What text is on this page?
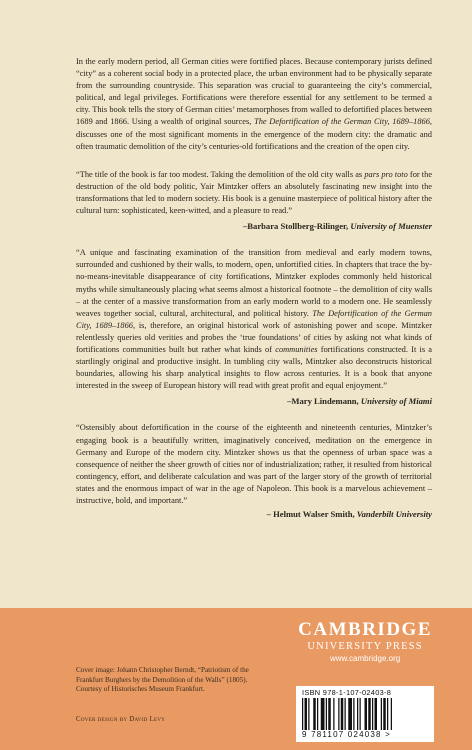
In the early modern period, all German cities were fortified places. Because contemporary jurists defined “city” as a coherent social body in a protected place, the urban environment had to be physically separate from the surrounding countryside. This separation was crucial to guaranteeing the city’s commercial, political, and legal privileges. Fortifications were therefore essential for any settlement to be termed a city. This book tells the story of German cities’ metamorphoses from walled to defortified places between 1689 and 1866. Using a wealth of original sources, The Defortification of the German City, 1689–1866, discusses one of the most significant moments in the emergence of the modern city: the dramatic and often traumatic demolition of the city’s centuries-old fortifications and the creation of the open city.

“The title of the book is far too modest. Taking the demolition of the old city walls as pars pro toto for the destruction of the old body politic, Yair Mintzker offers an absolutely fascinating new insight into the transformations that led to modern society. His book is a genuine masterpiece of political history after the cultural turn: sophisticated, keen-witted, and a pleasure to read.”

–Barbara Stollberg-Rilinger, University of Muenster

“A unique and fascinating examination of the transition from medieval and early modern towns, surrounded and cushioned by their walls, to modern, open, unfortified cities. In chapters that trace the by-no-means-inevitable disappearance of city fortifications, Mintzker explodes commonly held historical myths while simultaneously placing what seems almost a historical footnote – the demolition of city walls – at the center of a massive transformation from an early modern world to a modern one. He seamlessly weaves together social, cultural, architectural, and political history. The Defortification of the German City, 1689–1866, is, therefore, an original historical work of astonishing power and scope. Mintzker relentlessly queries old verities and probes the ‘true foundations’ of cities by asking not what kinds of fortifications communities built but rather what kinds of communities fortifications constructed. It is a startlingly original and productive insight. In tumbling city walls, Mintzker also deconstructs historical boundaries, allowing his sharp analytical insights to flow across centuries. It is a book that anyone interested in the sweep of European history will read with great profit and equal enjoyment.”

–Mary Lindemann, University of Miami

“Ostensibly about defortification in the course of the eighteenth and nineteenth centuries, Mintzker’s engaging book is a beautifully written, imaginatively conceived, meditation on the emergence in Germany and Europe of the modern city. Mintzker shows us that the openness of urban space was a consequence of neither the sheer growth of cities nor of industrialization; rather, it resulted from historical contingency, effort, and deliberate calculation and was part of the larger story of the growth of territorial states and the enormous impact of war in the age of Napoleon. This book is a marvelous achievement – instructive, bold, and important.”

– Helmut Walser Smith, Vanderbilt University
CAMBRIDGE
UNIVERSITY PRESS
www.cambridge.org
Cover image: Johann Christopher Berndt, “Patriotism of the Frankfurt Burghers by the Demolition of the Walls” (1805). Courtesy of Historisches Museum Frankfurt.
Cover design by David Levy
ISBN 978-1-107-02403-8
9 781107 024038 >
